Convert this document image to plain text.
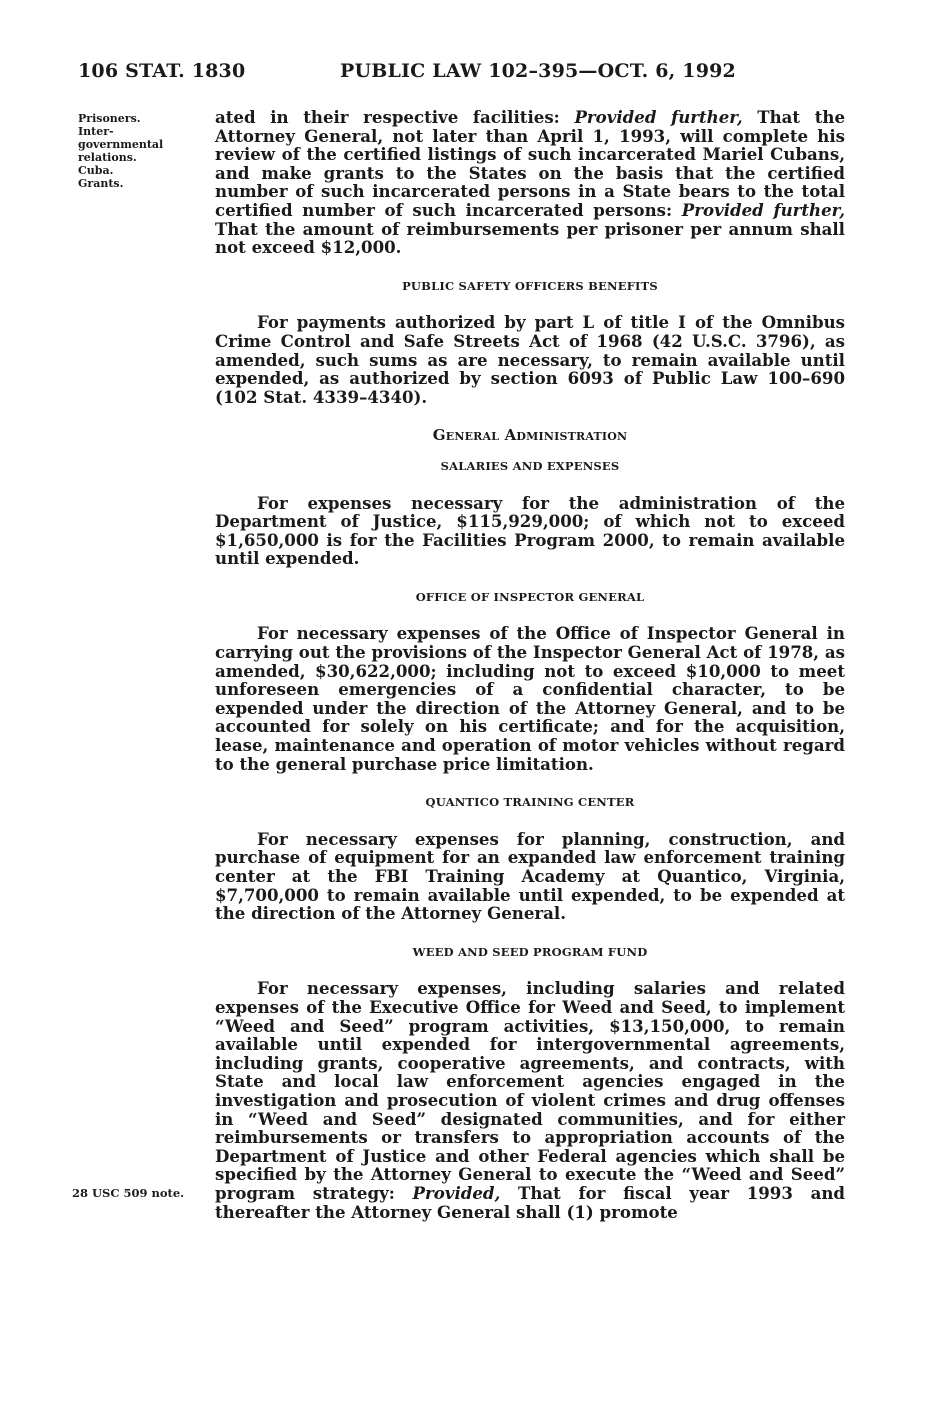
106 STAT. 1830	PUBLIC LAW 102–395—OCT. 6, 1992
Prisoners.
Inter-
governmental
relations.
Cuba.
Grants.
28 USC 509 note.

ated in their respective facilities: Provided further, That the Attorney General, not later than April 1, 1993, will complete his review of the certified listings of such incarcerated Mariel Cubans, and make grants to the States on the basis that the certified number of such incarcerated persons in a State bears to the total certified number of such incarcerated persons: Provided further, That the amount of reimbursements per prisoner per annum shall not exceed $12,000.

PUBLIC SAFETY OFFICERS BENEFITS

For payments authorized by part L of title I of the Omnibus Crime Control and Safe Streets Act of 1968 (42 U.S.C. 3796), as amended, such sums as are necessary, to remain available until expended, as authorized by section 6093 of Public Law 100–690 (102 Stat. 4339–4340).

General Administration
SALARIES AND EXPENSES

For expenses necessary for the administration of the Department of Justice, $115,929,000; of which not to exceed $1,650,000 is for the Facilities Program 2000, to remain available until expended.

OFFICE OF INSPECTOR GENERAL

For necessary expenses of the Office of Inspector General in carrying out the provisions of the Inspector General Act of 1978, as amended, $30,622,000; including not to exceed $10,000 to meet unforeseen emergencies of a confidential character, to be expended under the direction of the Attorney General, and to be accounted for solely on his certificate; and for the acquisition, lease, maintenance and operation of motor vehicles without regard to the general purchase price limitation.

QUANTICO TRAINING CENTER

For necessary expenses for planning, construction, and purchase of equipment for an expanded law enforcement training center at the FBI Training Academy at Quantico, Virginia, $7,700,000 to remain available until expended, to be expended at the direction of the Attorney General.

WEED AND SEED PROGRAM FUND

For necessary expenses, including salaries and related expenses of the Executive Office for Weed and Seed, to implement “Weed and Seed” program activities, $13,150,000, to remain available until expended for intergovernmental agreements, including grants, cooperative agreements, and contracts, with State and local law enforcement agencies engaged in the investigation and prosecution of violent crimes and drug offenses in “Weed and Seed” designated communities, and for either reimbursements or transfers to appropriation accounts of the Department of Justice and other Federal agencies which shall be specified by the Attorney General to execute the “Weed and Seed” program strategy: Provided, That for fiscal year 1993 and thereafter the Attorney General shall (1) promote
